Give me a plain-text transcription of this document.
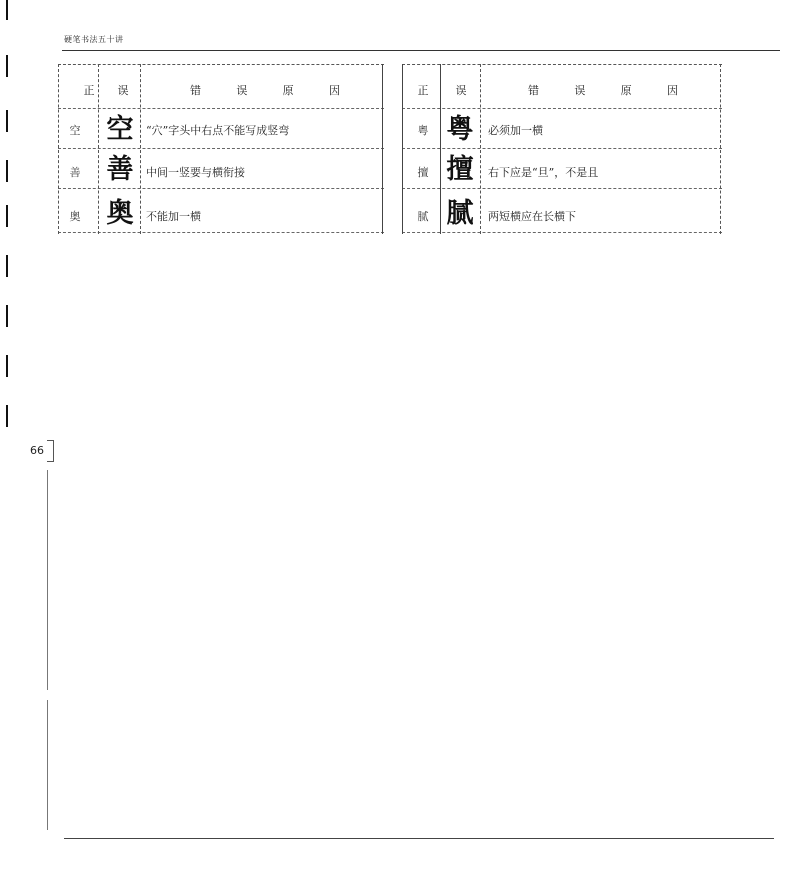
硬笔书法五十讲
正	误	错	误	原	因
空 空	“穴”字头中右点不能写成竖弯
善 善	中间一竖要与横衔接
奥 奥	不能加一横
正	误	错	误	原	因
粤 粤	必须加一横
擅 擅	右下应是“旦”，不是且
腻 腻	两短横应在长横下
66
